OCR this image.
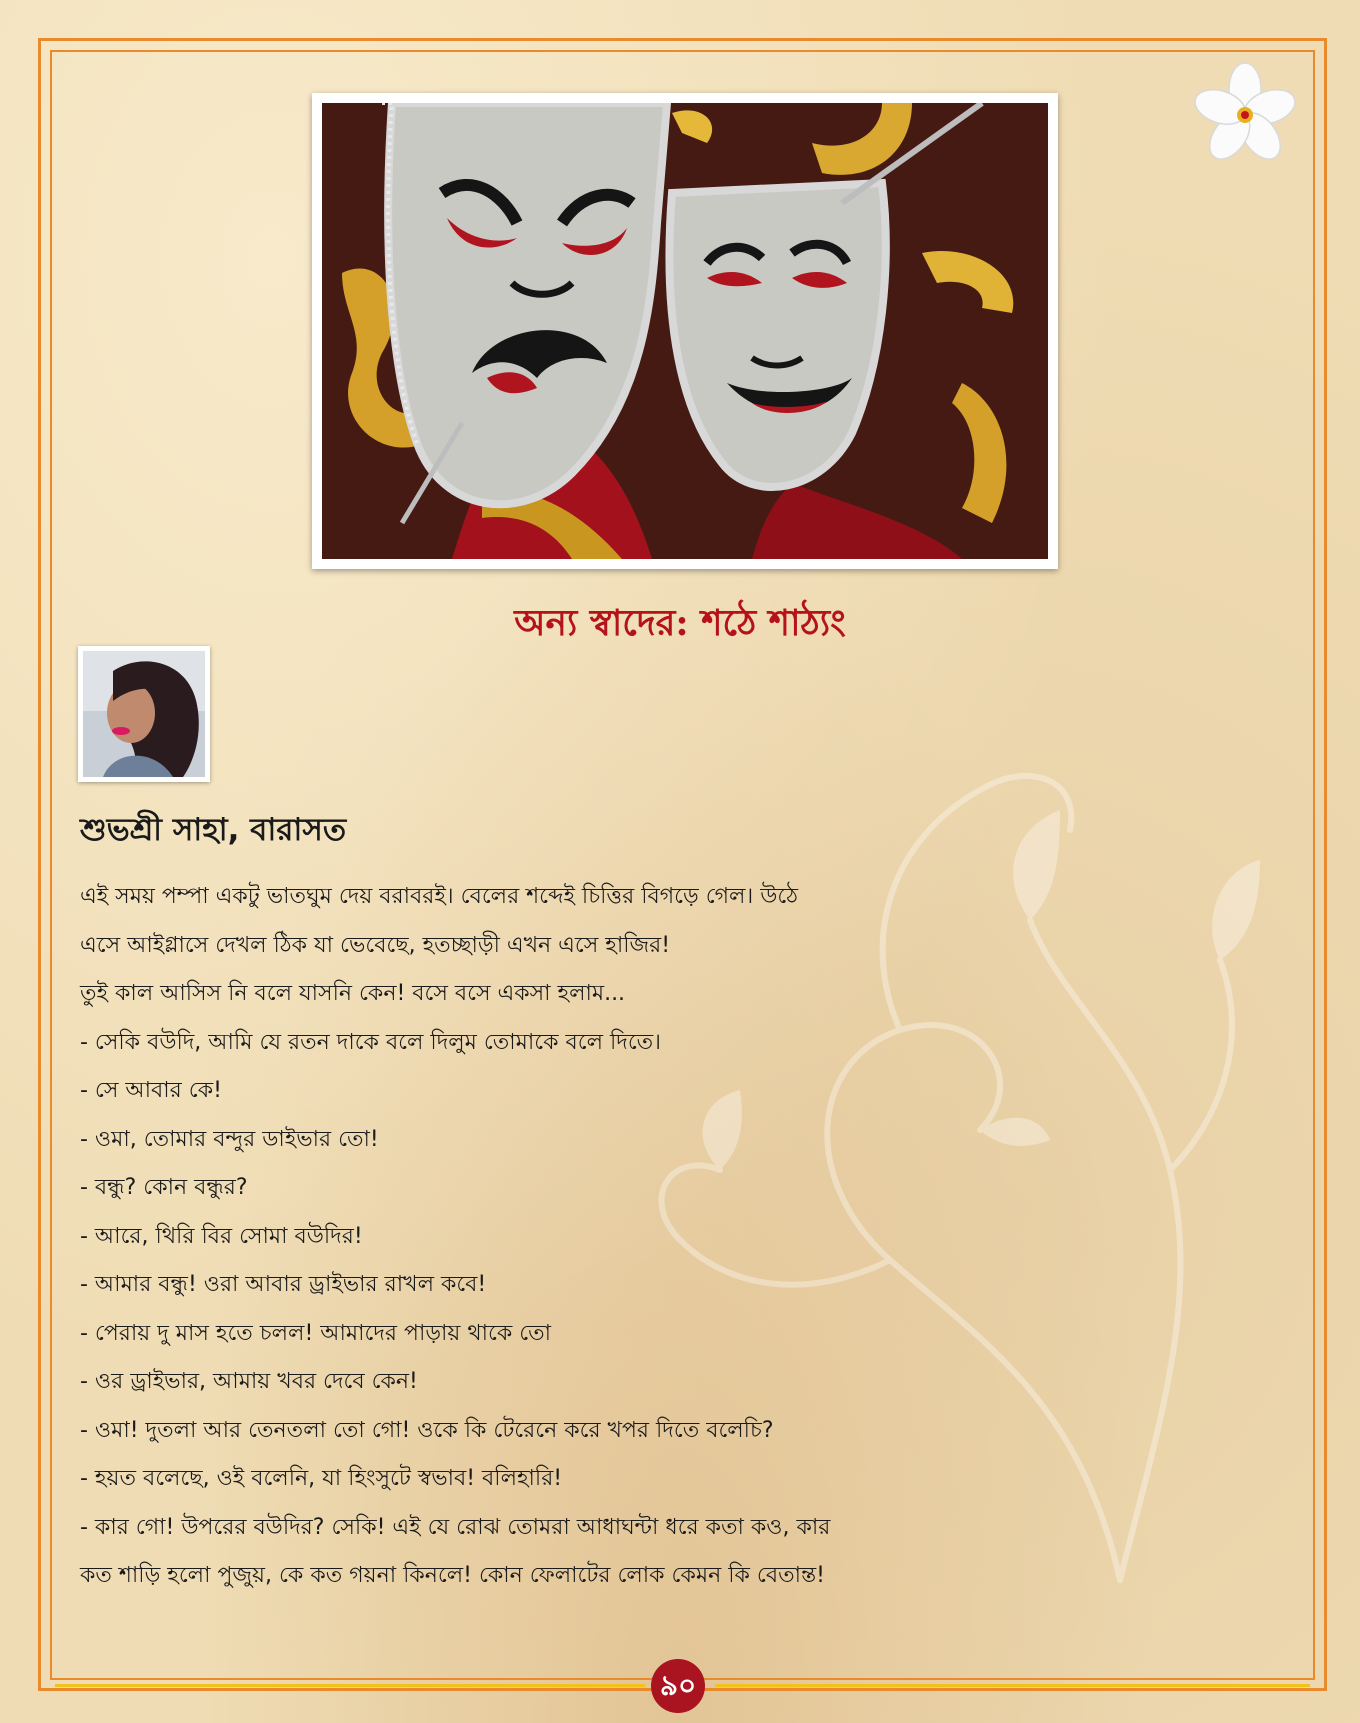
অন্য স্বাদের: শঠে শাঠ্যং
শুভশ্রী সাহা, বারাসত
এই সময় পম্পা একটু ভাতঘুম দেয় বরাবরই। বেলের শব্দেই চিত্তির বিগড়ে গেল। উঠে
এসে আইগ্লাসে দেখল ঠিক যা ভেবেছে, হতচ্ছাড়ী এখন এসে হাজির!
তুই কাল আসিস নি বলে যাসনি কেন! বসে বসে একসা হলাম...
- সেকি বউদি, আমি যে রতন দাকে বলে দিলুম তোমাকে বলে দিতে।
- সে আবার কে!
- ওমা, তোমার বন্দুর ডাইভার তো!
- বন্ধু? কোন বন্ধুর?
- আরে, থিরি বির সোমা বউদির!
- আমার বন্ধু! ওরা আবার ড্রাইভার রাখল কবে!
- পেরায় দু মাস হতে চলল! আমাদের পাড়ায় থাকে তো
- ওর ড্রাইভার, আমায় খবর দেবে কেন!
- ওমা! দুতলা আর তেনতলা তো গো! ওকে কি টেরেনে করে খপর দিতে বলেচি?
- হয়ত বলেছে, ওই বলেনি, যা হিংসুটে স্বভাব! বলিহারি!
- কার গো! উপরের বউদির? সেকি! এই যে রোঝ তোমরা আধাঘন্টা ধরে কতা কও, কার
কত শাড়ি হলো পুজুয়, কে কত গয়না কিনলে! কোন ফেলাটের লোক কেমন কি বেতান্ত!
৯০
